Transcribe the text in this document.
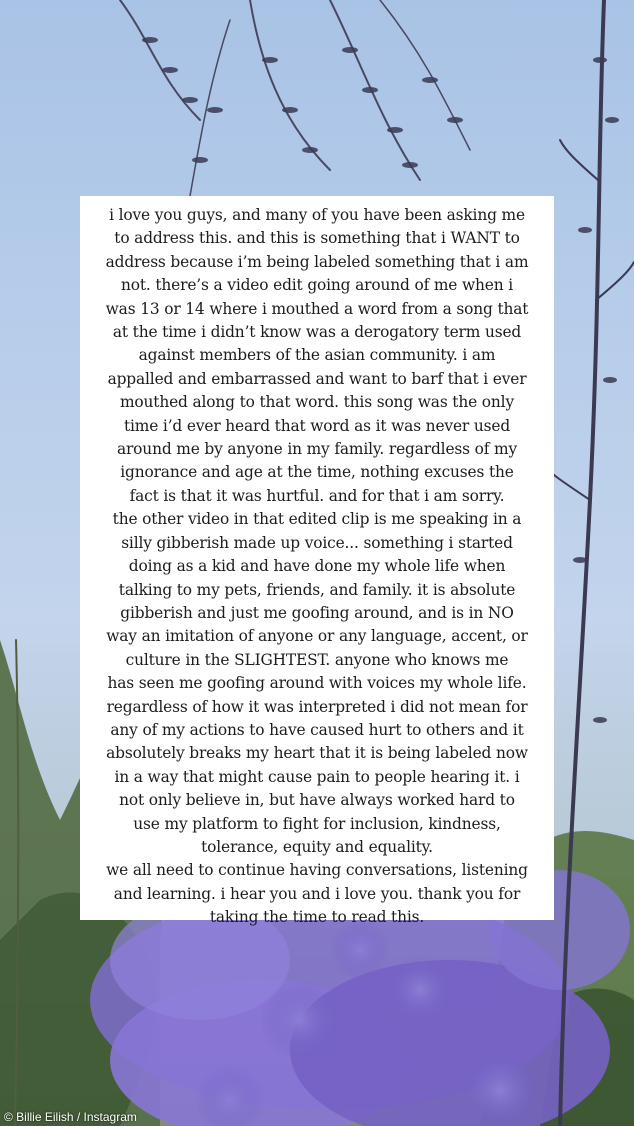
i love you guys, and many of you have been asking me
to address this. and this is something that i WANT to
address because i’m being labeled something that i am
not. there’s a video edit going around of me when i
was 13 or 14 where i mouthed a word from a song that
at the time i didn’t know was a derogatory term used
against members of the asian community. i am
appalled and embarrassed and want to barf that i ever
mouthed along to that word. this song was the only
time i’d ever heard that word as it was never used
around me by anyone in my family. regardless of my
ignorance and age at the time, nothing excuses the
fact is that it was hurtful. and for that i am sorry.
the other video in that edited clip is me speaking in a
silly gibberish made up voice... something i started
doing as a kid and have done my whole life when
talking to my pets, friends, and family. it is absolute
gibberish and just me goofing around, and is in NO
way an imitation of anyone or any language, accent, or
culture in the SLIGHTEST. anyone who knows me
has seen me goofing around with voices my whole life.
regardless of how it was interpreted i did not mean for
any of my actions to have caused hurt to others and it
absolutely breaks my heart that it is being labeled now
in a way that might cause pain to people hearing it. i
not only believe in, but have always worked hard to
use my platform to fight for inclusion, kindness,
tolerance, equity and equality.
we all need to continue having conversations, listening
and learning. i hear you and i love you. thank you for
taking the time to read this.
© Billie Eilish / Instagram
